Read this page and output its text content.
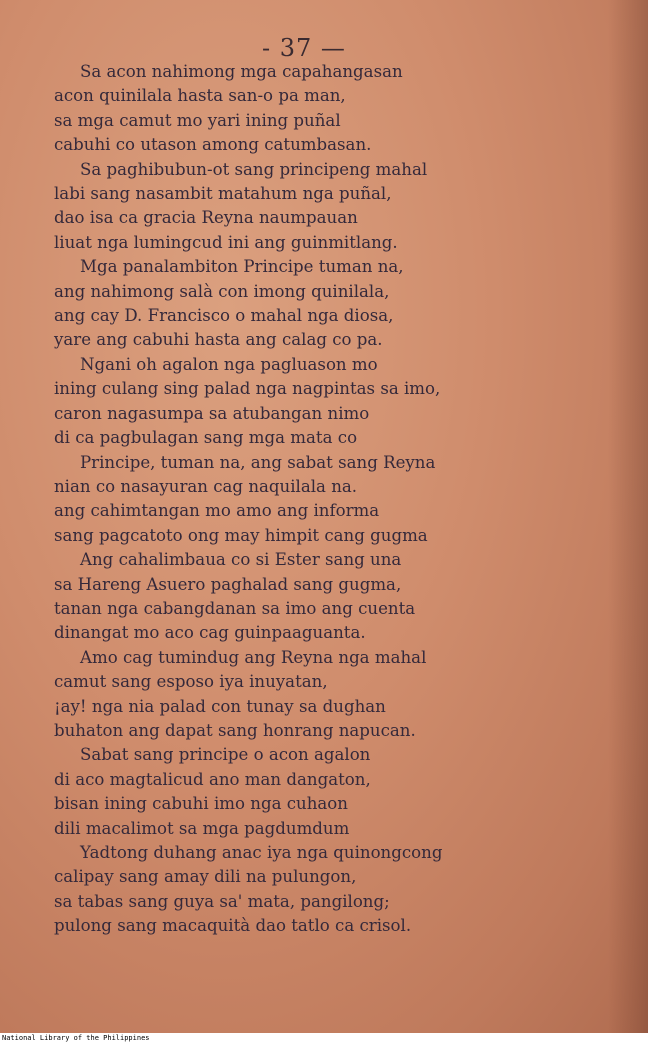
- 37 —
Sa acon nahimong mga capahangasan
acon quinilala hasta san-o pa man,
sa mga camut mo yari ining puñal
cabuhi co utason among catumbasan.
Sa paghibubun-ot sang principeng mahal
labi sang nasambit matahum nga puñal,
dao isa ca gracia Reyna naumpauan
liuat nga lumingcud ini ang guinmitlang.
Mga panalambiton Principe tuman na,
ang nahimong salà con imong quinilala,
ang cay D. Francisco o mahal nga diosa,
yare ang cabuhi hasta ang calag co pa.
Ngani oh agalon nga pagluason mo
ining culang sing palad nga nagpintas sa imo,
caron nagasumpa sa atubangan nimo
di ca pagbulagan sang mga mata co
Principe, tuman na, ang sabat sang Reyna
nian co nasayuran cag naquilala na.
ang cahimtangan mo amo ang informa
sang pagcatoto ong may himpit cang gugma
Ang cahalimbaua co si Ester sang una
sa Hareng Asuero paghalad sang gugma,
tanan nga cabangdanan sa imo ang cuenta
dinangat mo aco cag guinpaaguanta.
Amo cag tumindug ang Reyna nga mahal
camut sang esposo iya inuyatan,
¡ay! nga nia palad con tunay sa dughan
buhaton ang dapat sang honrang napucan.
Sabat sang principe o acon agalon
di aco magtalicud ano man dangaton,
bisan ining cabuhi imo nga cuhaon
dili macalimot sa mga pagdumdum
Yadtong duhang anac iya nga quinongcong
calipay sang amay dili na pulungon,
sa tabas sang guya sa' mata, pangilong;
pulong sang macaquità dao tatlo ca crisol.
National Library of the Philippines
